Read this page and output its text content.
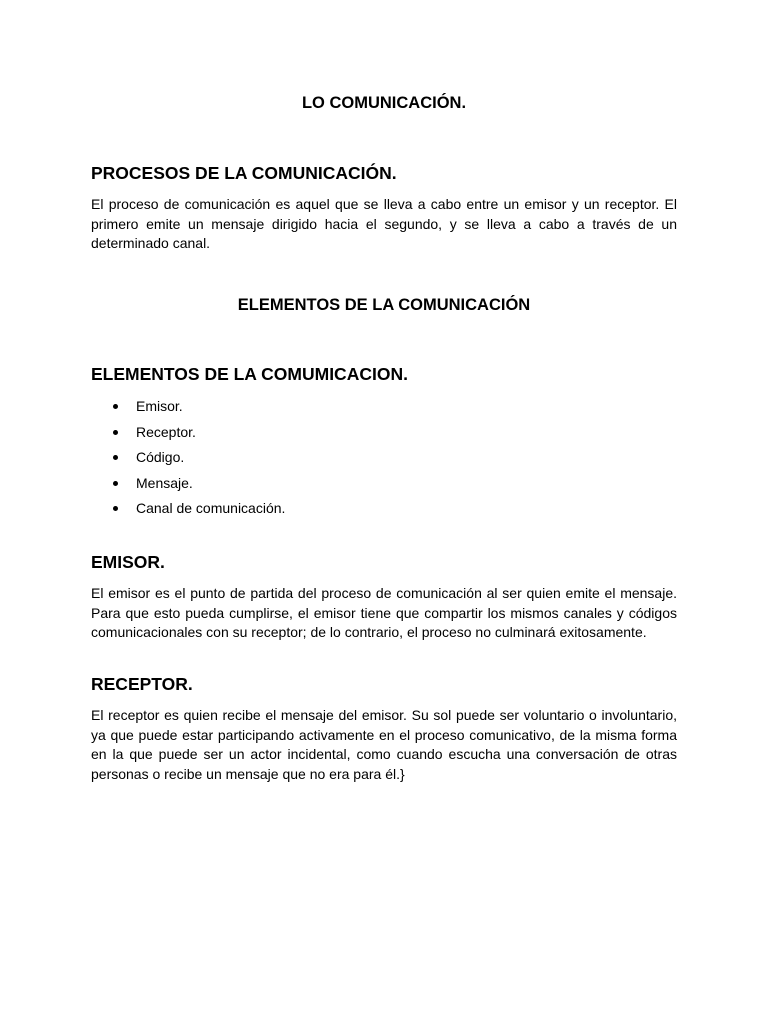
LO COMUNICACIÓN.
PROCESOS DE LA COMUNICACIÓN.

El proceso de comunicación es aquel que se lleva a cabo entre un emisor y un receptor. El primero emite un mensaje dirigido hacia el segundo, y se lleva a cabo a través de un determinado canal.

ELEMENTOS DE LA COMUNICACIÓN
ELEMENTOS DE LA COMUMICACION.
Emisor.
Receptor.
Código.
Mensaje.
Canal de comunicación.
EMISOR.

El emisor es el punto de partida del proceso de comunicación al ser quien emite el mensaje. Para que esto pueda cumplirse, el emisor tiene que compartir los mismos canales y códigos comunicacionales con su receptor; de lo contrario, el proceso no culminará exitosamente.

RECEPTOR.

El receptor es quien recibe el mensaje del emisor. Su sol puede ser voluntario o involuntario, ya que puede estar participando activamente en el proceso comunicativo, de la misma forma en la que puede ser un actor incidental, como cuando escucha una conversación de otras personas o recibe un mensaje que no era para él.}
